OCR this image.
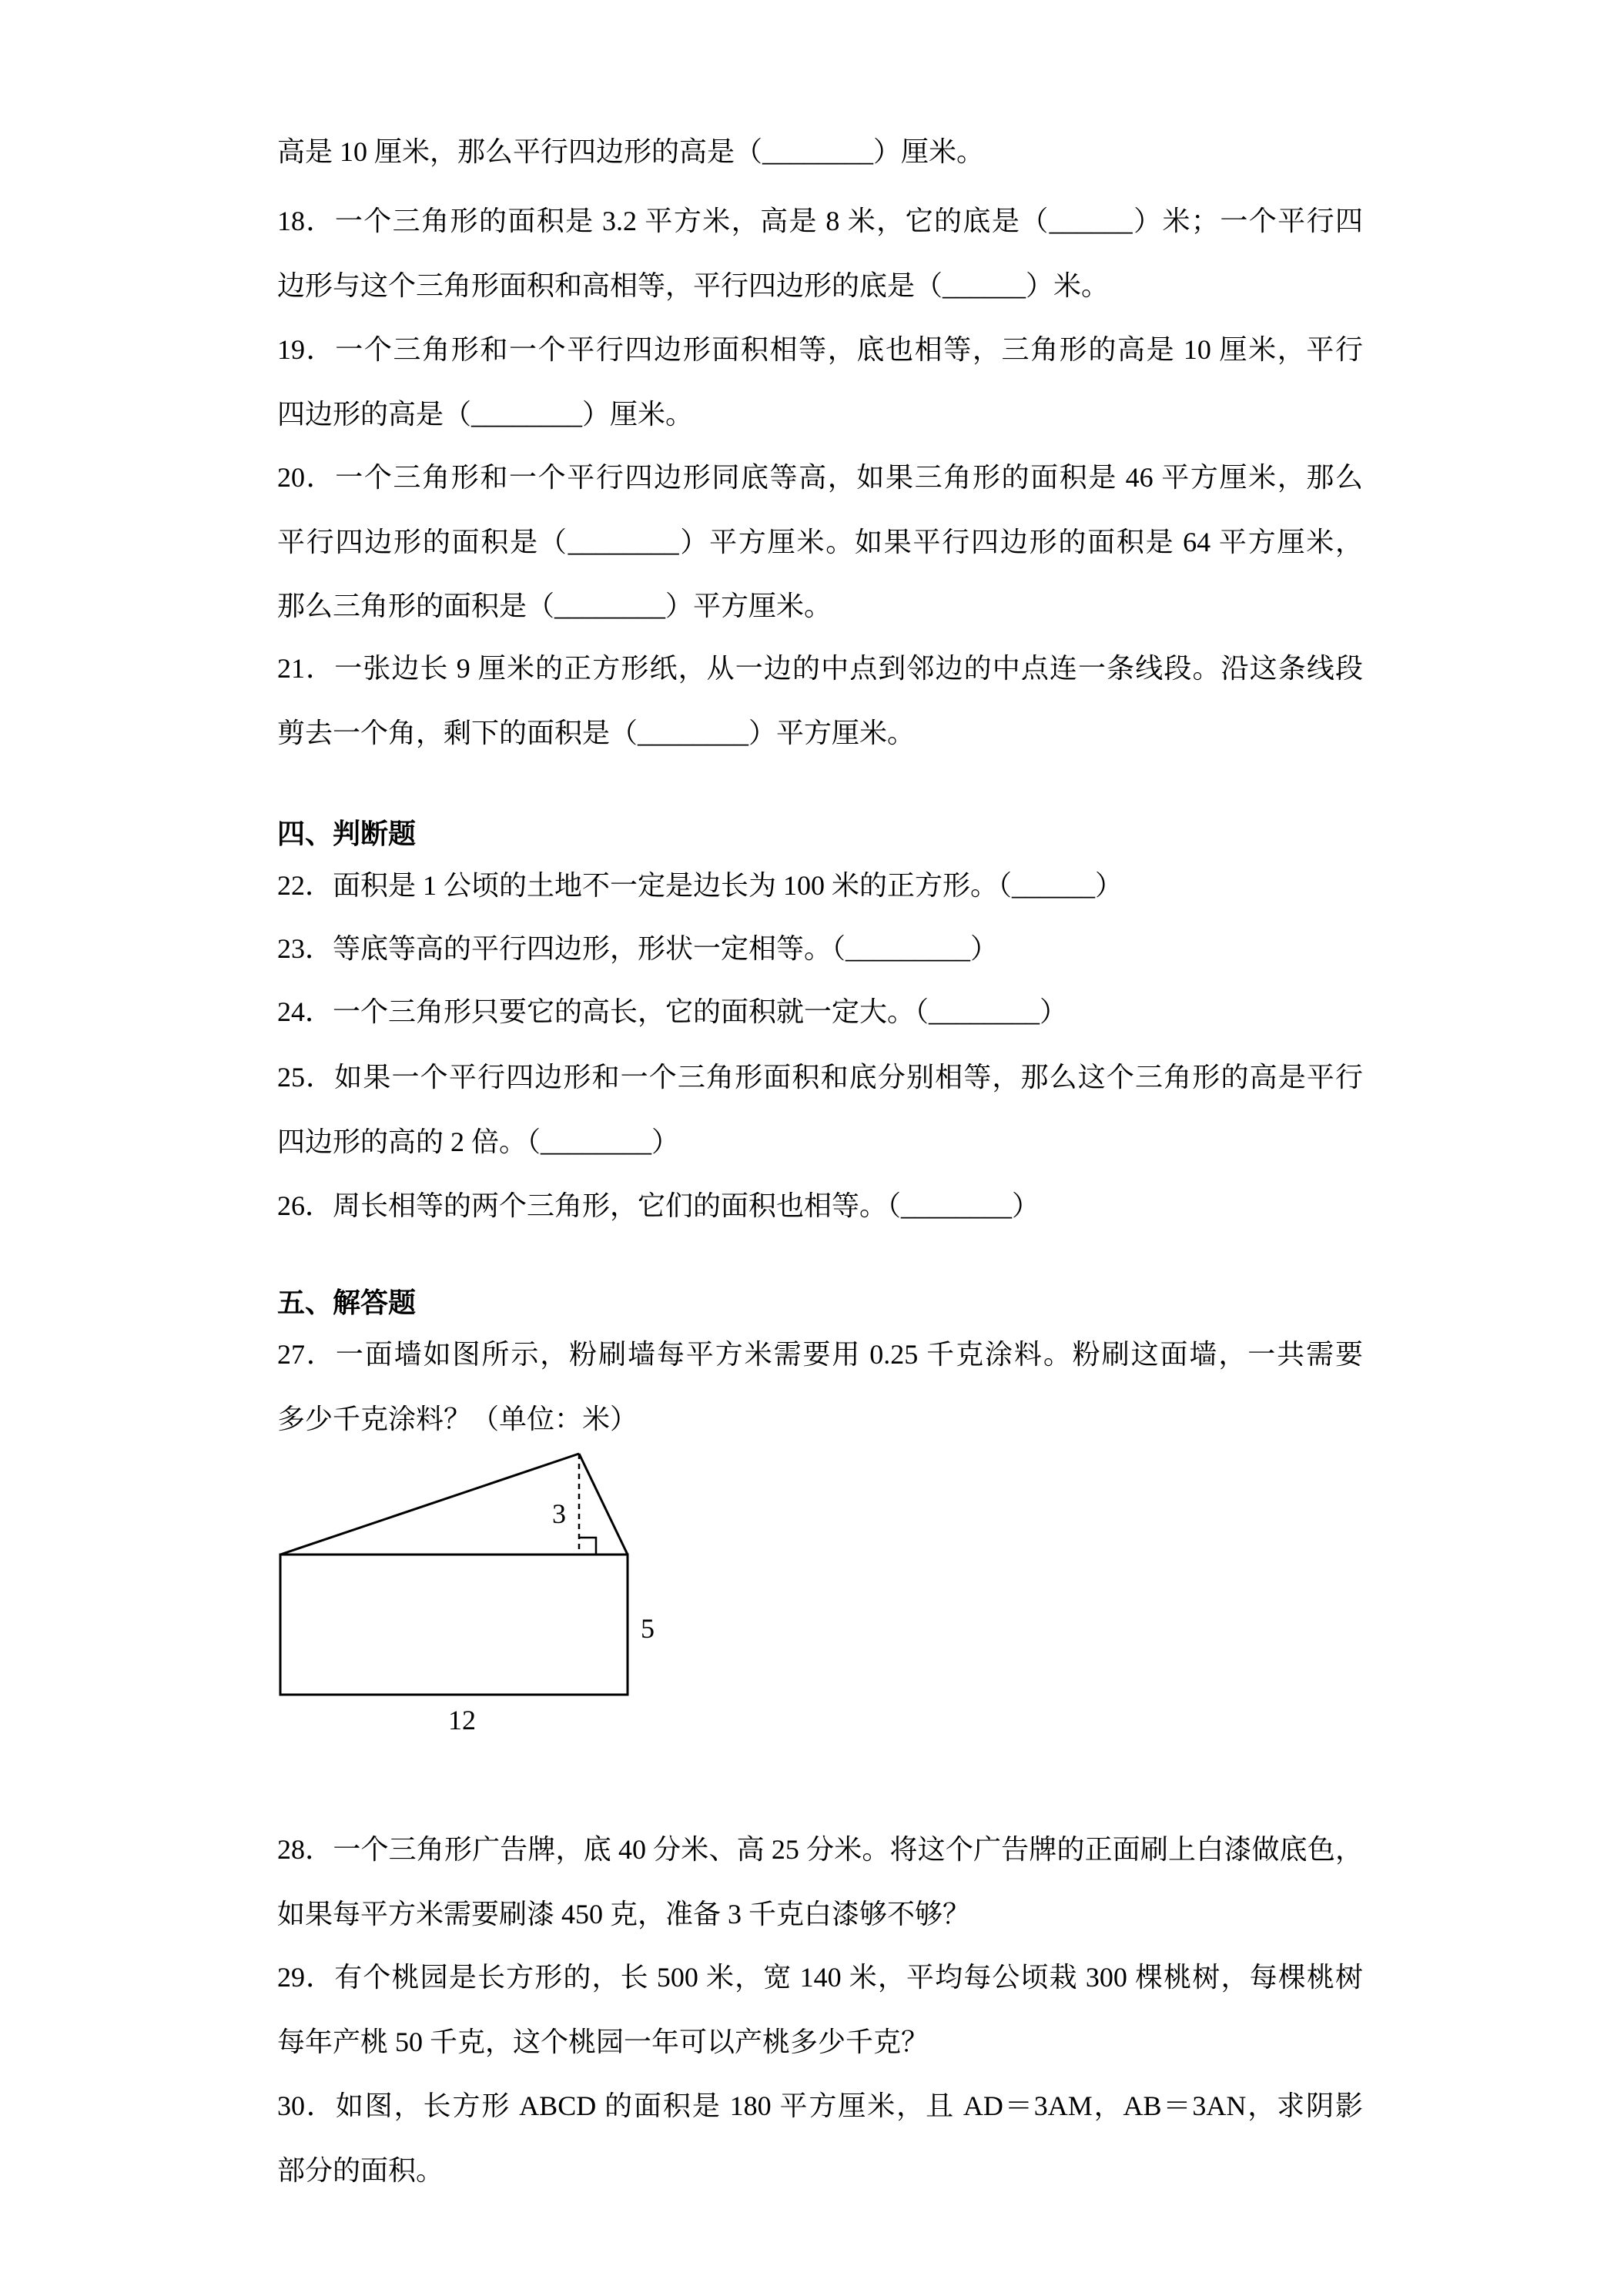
高是 10 厘米，那么平行四边形的高是（________）厘米。
18．一个三角形的面积是 3.2 平方米，高是 8 米，它的底是（______）米；一个平行四
边形与这个三角形面积和高相等，平行四边形的底是（______）米。
19．一个三角形和一个平行四边形面积相等，底也相等，三角形的高是 10 厘米，平行
四边形的高是（________）厘米。
20．一个三角形和一个平行四边形同底等高，如果三角形的面积是 46 平方厘米，那么
平行四边形的面积是（________）平方厘米。如果平行四边形的面积是 64 平方厘米，
那么三角形的面积是（________）平方厘米。
21．一张边长 9 厘米的正方形纸，从一边的中点到邻边的中点连一条线段。沿这条线段
剪去一个角，剩下的面积是（________）平方厘米。
四、判断题
22．面积是 1 公顷的土地不一定是边长为 100 米的正方形。（______）
23．等底等高的平行四边形，形状一定相等。（_________）
24．一个三角形只要它的高长，它的面积就一定大。（________）
25．如果一个平行四边形和一个三角形面积和底分别相等，那么这个三角形的高是平行
四边形的高的 2 倍。（________）
26．周长相等的两个三角形，它们的面积也相等。（________）
五、解答题
27．一面墙如图所示，粉刷墙每平方米需要用 0.25 千克涂料。粉刷这面墙，一共需要
多少千克涂料？（单位：米）
3
5
12
28．一个三角形广告牌，底 40 分米、高 25 分米。将这个广告牌的正面刷上白漆做底色，
如果每平方米需要刷漆 450 克，准备 3 千克白漆够不够？
29．有个桃园是长方形的，长 500 米，宽 140 米，平均每公顷栽 300 棵桃树，每棵桃树
每年产桃 50 千克，这个桃园一年可以产桃多少千克？
30．如图，长方形 ABCD 的面积是 180 平方厘米，且 AD＝3AM，AB＝3AN，求阴影
部分的面积。
